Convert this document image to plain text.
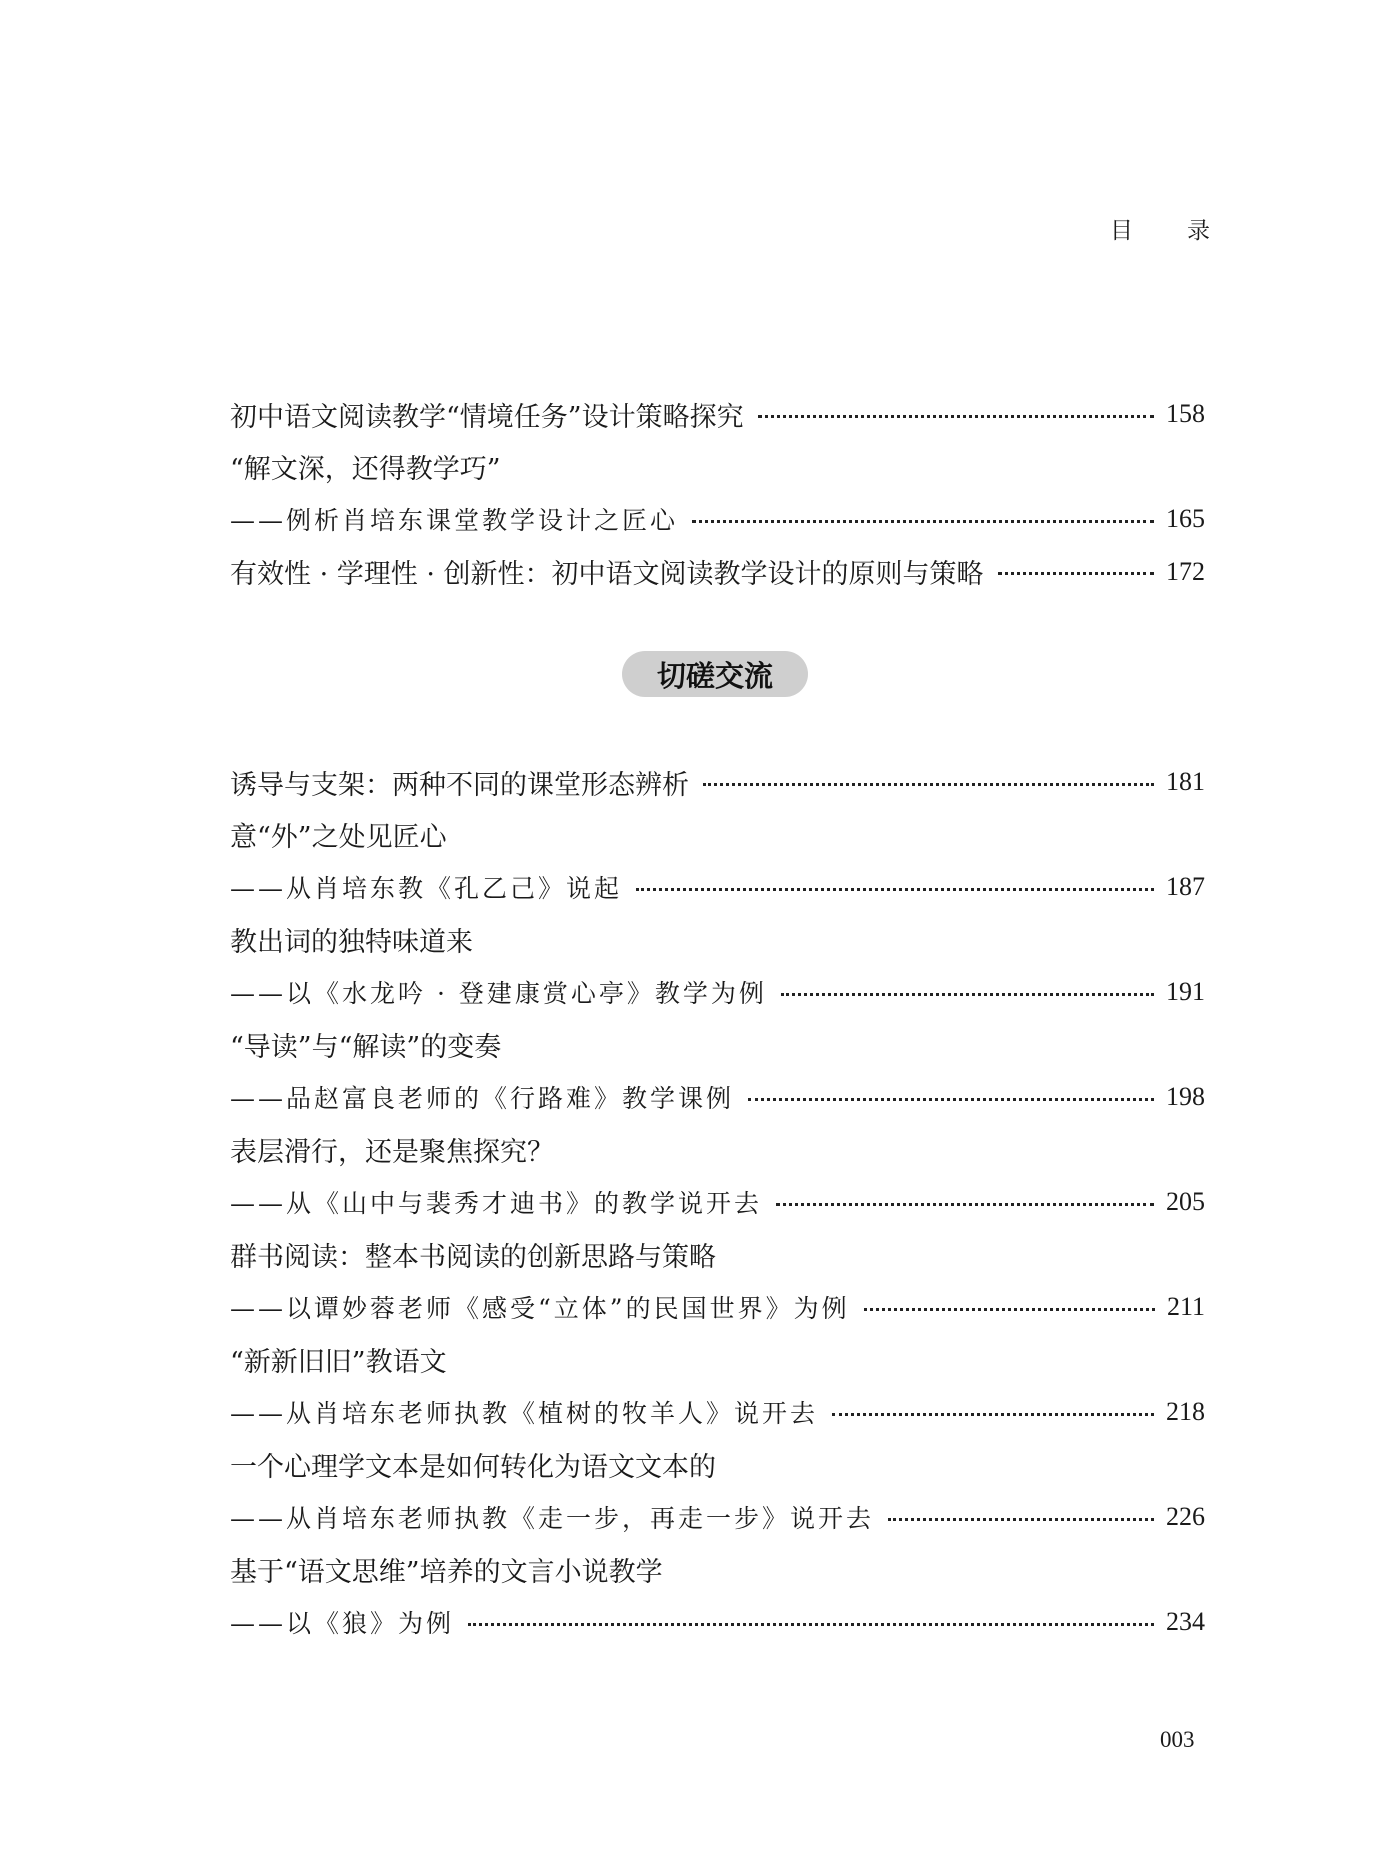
目 录
初中语文阅读教学“情境任务”设计策略探究	158
“解文深，还得教学巧”
——例析肖培东课堂教学设计之匠心	165
有效性 · 学理性 · 创新性：初中语文阅读教学设计的原则与策略	172
切磋交流
诱导与支架：两种不同的课堂形态辨析	181
意“外”之处见匠心
——从肖培东教《孔乙己》说起	187
教出词的独特味道来
——以《水龙吟 · 登建康赏心亭》教学为例	191
“导读”与“解读”的变奏
——品赵富良老师的《行路难》教学课例	198
表层滑行，还是聚焦探究？
——从《山中与裴秀才迪书》的教学说开去	205
群书阅读：整本书阅读的创新思路与策略
——以谭妙蓉老师《感受“立体”的民国世界》为例	211
“新新旧旧”教语文
——从肖培东老师执教《植树的牧羊人》说开去	218
一个心理学文本是如何转化为语文文本的
——从肖培东老师执教《走一步，再走一步》说开去	226
基于“语文思维”培养的文言小说教学
——以《狼》为例	234
003
